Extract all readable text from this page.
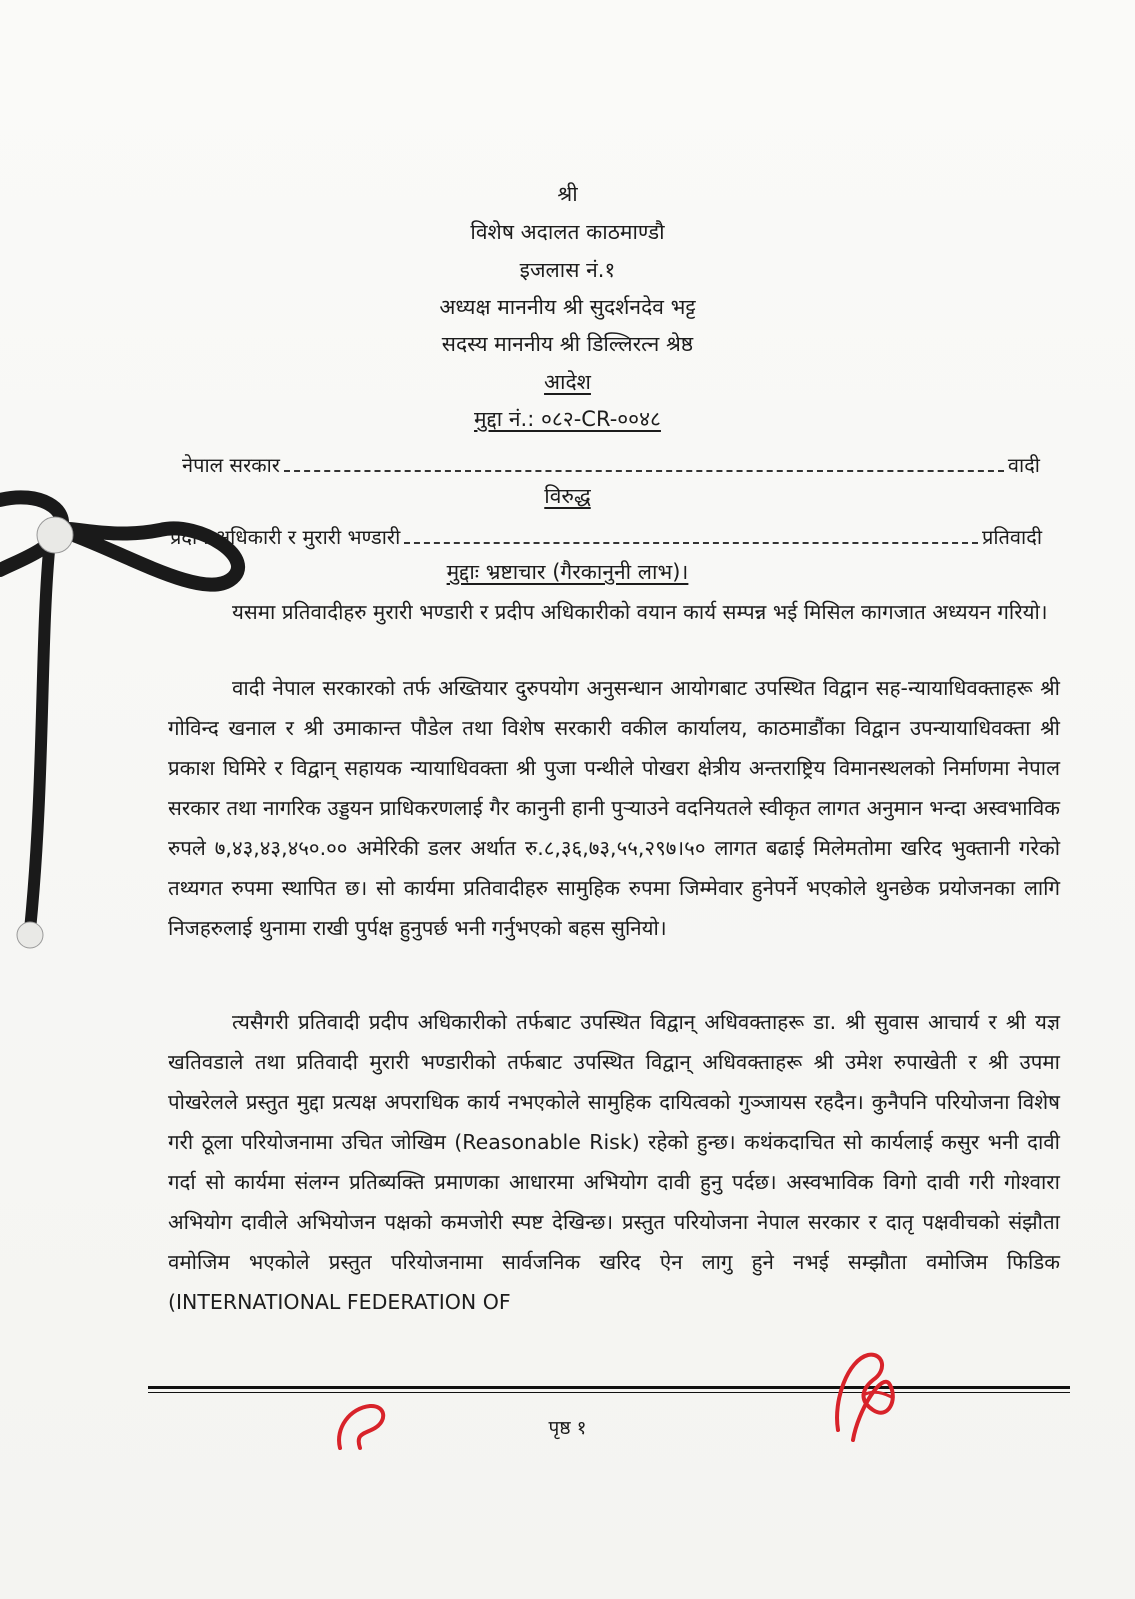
श्री
विशेष अदालत काठमाण्डौ
इजलास नं.१
अध्यक्ष माननीय श्री सुदर्शनदेव भट्ट
सदस्य माननीय श्री डिल्लिरत्न श्रेष्ठ
आदेश
मुद्दा नं.: ०८२-CR-००४८
नेपाल सरकार	वादी
विरुद्ध
प्रदीप अधिकारी र मुरारी भण्डारी	प्रतिवादी
मुद्दाः भ्रष्टाचार (गैरकानुनी लाभ)।
यसमा प्रतिवादीहरु मुरारी भण्डारी र प्रदीप अधिकारीको वयान कार्य सम्पन्न भई मिसिल कागजात अध्ययन गरियो।
वादी नेपाल सरकारको तर्फ अख्तियार दुरुपयोग अनुसन्धान आयोगबाट उपस्थित विद्वान सह-न्यायाधिवक्ताहरू श्री गोविन्द खनाल र श्री उमाकान्त पौडेल तथा विशेष सरकारी वकील कार्यालय, काठमाडौंका विद्वान उपन्यायाधिवक्ता श्री प्रकाश घिमिरे र विद्वान् सहायक न्यायाधिवक्ता श्री पुजा पन्थीले पोखरा क्षेत्रीय अन्तराष्ट्रिय विमानस्थलको निर्माणमा नेपाल सरकार तथा नागरिक उड्डयन प्राधिकरणलाई गैर कानुनी हानी पुर्‍याउने वदनियतले स्वीकृत लागत अनुमान भन्दा अस्वभाविक रुपले ७,४३,४३,४५०.०० अमेरिकी डलर अर्थात रु.८,३६,७३,५५,२९७।५० लागत बढाई मिलेमतोमा खरिद भुक्तानी गरेको तथ्यगत रुपमा स्थापित छ। सो कार्यमा प्रतिवादीहरु सामुहिक रुपमा जिम्मेवार हुनेपर्ने भएकोले थुनछेक प्रयोजनका लागि निजहरुलाई थुनामा राखी पुर्पक्ष हुनुपर्छ भनी गर्नुभएको बहस सुनियो।
त्यसैगरी प्रतिवादी प्रदीप अधिकारीको तर्फबाट उपस्थित विद्वान् अधिवक्ताहरू डा. श्री सुवास आचार्य र श्री यज्ञ खतिवडाले तथा प्रतिवादी मुरारी भण्डारीको तर्फबाट उपस्थित विद्वान् अधिवक्ताहरू श्री उमेश रुपाखेती र श्री उपमा पोखरेलले प्रस्तुत मुद्दा प्रत्यक्ष अपराधिक कार्य नभएकोले सामुहिक दायित्वको गुञ्जायस रहदैन। कुनैपनि परियोजना विशेष गरी ठूला परियोजनामा उचित जोखिम (Reasonable Risk) रहेको हुन्छ। कथंकदाचित सो कार्यलाई कसुर भनी दावी गर्दा सो कार्यमा संलग्न प्रतिब्यक्ति प्रमाणका आधारमा अभियोग दावी हुनु पर्दछ। अस्वभाविक विगो दावी गरी गोश्वारा अभियोग दावीले अभियोजन पक्षको कमजोरी स्पष्ट देखिन्छ। प्रस्तुत परियोजना नेपाल सरकार र दातृ पक्षवीचको संझौता वमोजिम भएकोले प्रस्तुत परियोजनामा सार्वजनिक खरिद ऐन लागु हुने नभई सम्झौता वमोजिम फिडिक (INTERNATIONAL FEDERATION OF
पृष्ठ १
